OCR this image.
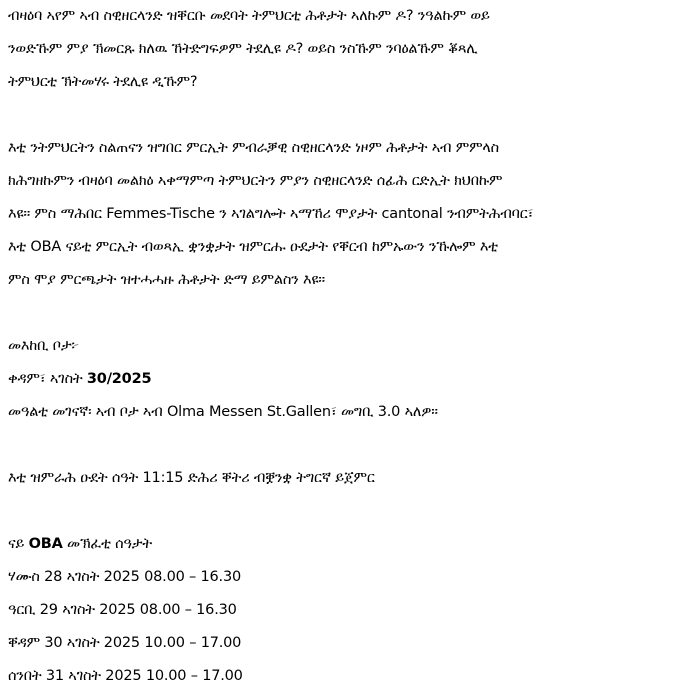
ብዛዕባ ኣየም ኣብ ስዊዘርላንድ ዝቐርቡ መደባት ትምህርቲ ሕቶታት ኣለኩም ዶ? ንዓልኩም ወይ
ንወድኹም ምያ ኽመርጹ ክለዉ ኸትድግፍዎም ትደሊዩ ዶ? ወይስ ንስኹም ንባዕልኹም ቖጻሊ
ትምህርቲ ኽትመሃሩ ትደሊዩ ዲኹም?
እቲ ንትምህርትን ስልጠናን ዝግበር ምርኢት ምብራቓዊ ስዊዘርላንድ ነዞም ሕቶታት ኣብ ምምላስ
ክሕግዘኩምን ብዛዕባ መልክዕ ኣቀማምጣ ትምህርትን ምያን ስዊዘርላንድ ሰፊሕ ርድኢት ክህበኩም
እዩ። ምስ ማሕበር Femmes-Tische ን ኣገልግሎት ኣማኸሪ ሞያታት cantonal ንብምትሕብባር፣
እቲ OBA ናይቲ ምርኢት ብወጻኢ ቋንቋታት ዝምርሑ ዑደታት የቐርብ ከምኡውን ንኹሎም እቲ
ምስ ሞያ ምርጫታት ዝተሓሓዙ ሕቶታት ድማ ይምልስን እዩ።
መእከቢ ቦታ፦
ቀዳም፣ ኣገስት 30/2025
መዓልቲ መገናኛ፡ ኣብ ቦታ ኣብ Olma Messen St.Gallen፣ መግቢ 3.0 ኣለዎ።
እቲ ዝምራሕ ዑደት ሰዓት 11:15 ድሕሪ ቐትሪ ብቛንቋ ትግርኛ ይጀምር
ናይ OBA መኽፈቲ ሰዓታት
ሃሙስ 28 ኣገስት 2025 08.00 – 16.30
ዓርቢ 29 ኣገስት 2025 08.00 – 16.30
ቐዳም 30 ኣገስት 2025 10.00 – 17.00
ሰንበት 31 ኣገስት 2025 10.00 – 17.00
